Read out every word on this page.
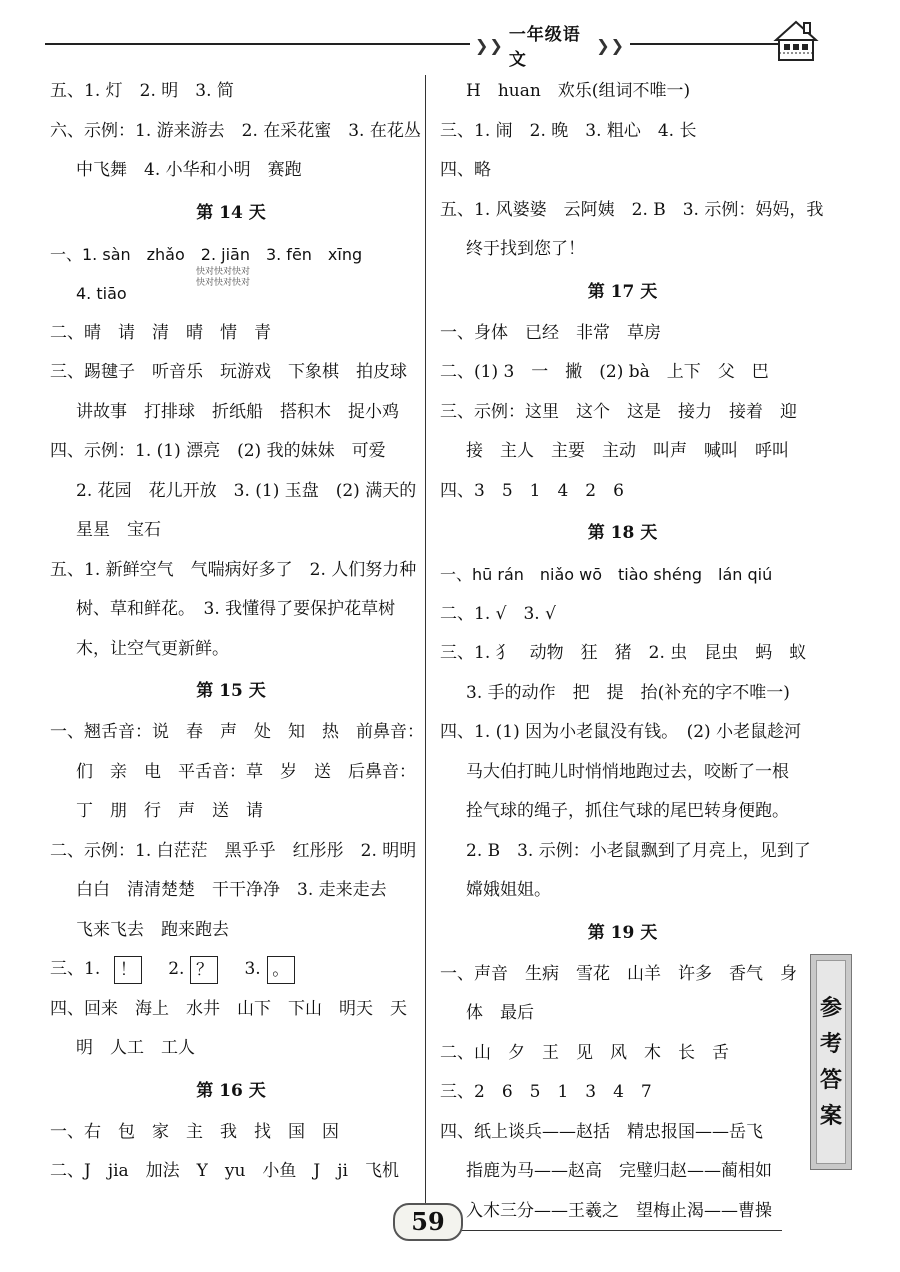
❯❯ 一年级语文
❯❯
五、1. 灯　2. 明　3. 简
六、示例：1. 游来游去　2. 在采花蜜　3. 在花丛
中飞舞　4. 小华和小明　赛跑
第 14 天
一、1. sàn　zhǎo　2. jiān　3. fēn　xīng
4. tiāo
二、晴　请　清　晴　情　青
三、踢毽子　听音乐　玩游戏　下象棋　拍皮球
讲故事　打排球　折纸船　搭积木　捉小鸡
四、示例：1. (1) 漂亮　(2) 我的妹妹　可爱
2. 花园　花儿开放　3. (1) 玉盘　(2) 满天的
星星　宝石
五、1. 新鲜空气　气喘病好多了　2. 人们努力种
树、草和鲜花。　3. 我懂得了要保护花草树
木，让空气更新鲜。
第 15 天
一、翘舌音：说　春　声　处　知　热　前鼻音：
们　亲　电　平舌音：草　岁　送　后鼻音：
丁　朋　行　声　送　请
二、示例：1. 白茫茫　黑乎乎　红彤彤　2. 明明
白白　清清楚楚　干干净净　3. 走来走去
飞来飞去　跑来跑去
三、1. ！ 2. ？ 3. 。
四、回来　海上　水井　山下　下山　明天　天
明　人工　工人
第 16 天
一、右　包　家　主　我　找　国　因
二、J　jia　加法　Y　yu　小鱼　J　ji　飞机
H　huan　欢乐(组词不唯一)
三、1. 闹　2. 晚　3. 粗心　4. 长
四、略
五、1. 风婆婆　云阿姨　2. B　3. 示例：妈妈，我
终于找到您了！
第 17 天
一、身体　已经　非常　草房
二、(1) 3　一　撇　(2) bà　上下　父　巴
三、示例：这里　这个　这是　接力　接着　迎
接　主人　主要　主动　叫声　喊叫　呼叫
四、3　5　1　4　2　6
第 18 天
一、hū rán　niǎo wō　tiào shéng　lán qiú
二、1. √　3. √
三、1. 犭　动物　狂　猪　2. 虫　昆虫　蚂　蚁
3. 手的动作　把　提　抬(补充的字不唯一)
四、1. (1) 因为小老鼠没有钱。　(2) 小老鼠趁河
马大伯打盹儿时悄悄地跑过去，咬断了一根
拴气球的绳子，抓住气球的尾巴转身便跑。
2. B　3. 示例：小老鼠飘到了月亮上，见到了
嫦娥姐姐。
第 19 天
一、声音　生病　雪花　山羊　许多　香气　身
体　最后
二、山　夕　王　见　风　木　长　舌
三、2　6　5　1　3　4　7
四、纸上谈兵——赵括　精忠报国——岳飞
指鹿为马——赵高　完璧归赵——蔺相如
入木三分——王羲之　望梅止渴——曹操
快对快对快对
快对快对快对
参
考
答
案
59
